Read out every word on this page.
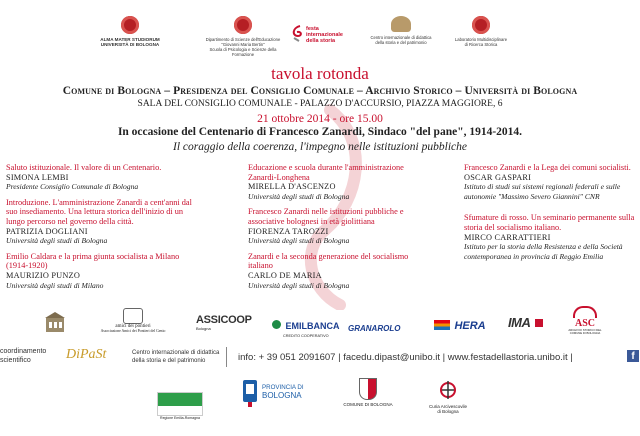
ALMA MATER STUDIORUM
UNIVERSITÀ DI BOLOGNA
Dipartimento di Scienze dell'Educazione
"Giovanni Maria Bertin"
Scuola di Psicologia e Scienze della Formazione
festa
internazionale
della storia
Centro internazionale di didattica
della storia e del patrimonio
Laboratorio Multidisciplinare
di Ricerca Storica
tavola rotonda
Comune di Bologna – Presidenza del Consiglio Comunale – Archivio Storico – Università di Bologna
SALA DEL CONSIGLIO COMUNALE - PALAZZO D'ACCURSIO, PIAZZA MAGGIORE, 6
21 ottobre 2014 - ore 15.00
In occasione del Centenario di Francesco Zanardi, Sindaco "del pane", 1914-2014.
Il coraggio della coerenza, l'impegno nelle istituzioni pubbliche
Saluto istituzionale. Il valore di un Centenario.
SIMONA LEMBI
Presidente Consiglio Comunale di Bologna
Introduzione. L'amministrazione Zanardi a cent'anni dal suo insediamento. Una lettura storica dell'inizio di un lungo percorso nel governo della città.
PATRIZIA DOGLIANI
Università degli studi di Bologna
Emilio Caldara e la prima giunta socialista a Milano (1914-1920)
MAURIZIO PUNZO
Università degli studi di Milano
Educazione e scuola durante l'amministrazione Zanardi-Longhena
MIRELLA D'ASCENZO
Università degli studi di Bologna
Francesco Zanardi nelle istituzioni pubbliche e associative bolognesi in età giolittiana
FIORENZA TAROZZI
Università degli studi di Bologna
Zanardi e la seconda generazione del socialismo italiano
CARLO DE MARIA
Università degli studi di Bologna
Francesco Zanardi e la Lega dei comuni socialisti.
OSCAR GASPARI
Istituto di studi sui sistemi regionali federali e sulle autonomie "Massimo Severo Giannini" CNR
Sfumature di rosso. Un seminario permanente sulla storia del socialismo italiano.
MIRCO CARRATTIERI
Istituto per la storia della Resistenza e della Società contemporanea in provincia di Reggio Emilia
amici dei pontieri
Associazione Amici dei Pontieri del Genio
ASSICOOP
Bologna	EMILBANCA
CREDITO COOPERATIVO
GRANAROLO	HERA IMA	ASC
ARCHIVIO STORICO DEL COMUNE DI BOLOGNA
coordinamento
scientifico	DiPaSt	Centro internazionale di didattica
della storia e del patrimonio	info: + 39 051 2091607 | facedu.dipast@unibo.it | www.festadellastoria.unibo.it |	f
Regione Emilia-Romagna
PROVINCIA DI
BOLOGNA
COMUNE DI BOLOGNA	Curia Arcivescovile
di Bologna
